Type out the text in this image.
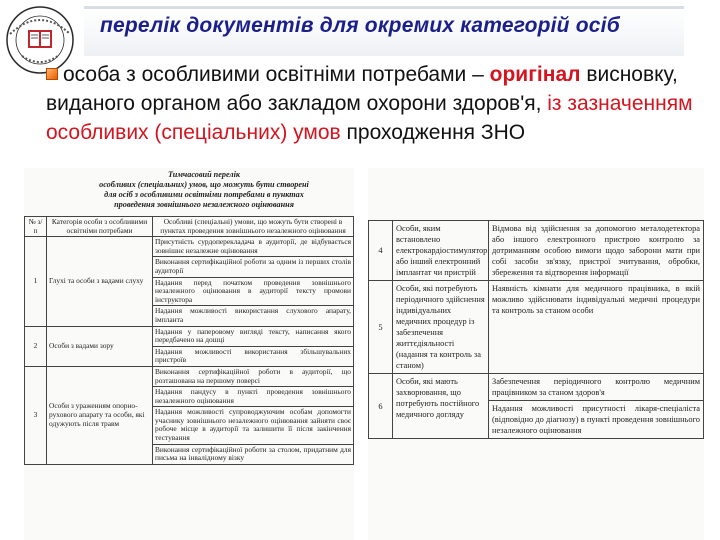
перелік документів для окремих категорій осіб
особа з особливими освітніми потребами – оригінал висновку, виданого органом або закладом охорони здоров'я, із зазначенням особливих (спеціальних) умов проходження ЗНО
Тимчасовий перелік
особливих (спеціальних) умов, що можуть бути створені
для осіб з особливими освітніми потребами в пунктах
проведення зовнішнього незалежного оцінювання
№ з/п	Категорія особи з особливими освітніми потребами	Особливі (спеціальні) умови, що можуть бути створені в пунктах проведення зовнішнього незалежного оцінювання
1	Глухі та особи з вадами слуху	Присутність сурдоперекладача в аудиторії, де відбувається зовнішнє незалежне оцінювання
		Виконання сертифікаційної роботи за одним із перших столів аудиторії
		Надання перед початком проведення зовнішнього незалежного оцінювання в аудиторії тексту промови інструктора
		Надання можливості використання слухового апарату, імпланта
2	Особи з вадами зору	Надання у паперовому вигляді тексту, написання якого передбачено на дошці
		Надання можливості використання збільшувальних пристроїв
3	Особи з ураженням опорно-рухового апарату та особи, які одужують після травм	Виконання сертифікаційної роботи в аудиторії, що розташована на першому поверсі
		Надання пандусу в пункті проведення зовнішнього незалежного оцінювання
		Надання можливості супроводжуючим особам допомогти учаснику зовнішнього незалежного оцінювання зайняти своє робоче місце в аудиторії та залишити її після закінчення тестування
		Виконання сертифікаційної роботи за столом, придатним для письма на інвалідному візку
4	Особи, яким встановлено електрокардіостимулятор або інший електронний імплантат чи пристрій	Відмова від здійснення за допомогою металодетектора або іншого електронного пристрою контролю за дотриманням особою вимоги щодо заборони мати при собі засоби зв'язку, пристрої зчитування, обробки, збереження та відтворення інформації
5	Особи, які потребують періодичного здійснення індивідуальних медичних процедур із забезпечення життєдіяльності (надання та контроль за станом)	Наявність кімнати для медичного працівника, в якій можливо здійснювати індивідуальні медичні процедури та контроль за станом особи
6	Особи, які мають захворювання, що потребують постійного медичного догляду	Забезпечення періодичного контролю медичним працівником за станом здоров'я
		Надання можливості присутності лікаря-спеціаліста (відповідно до діагнозу) в пункті проведення зовнішнього незалежного оцінювання
